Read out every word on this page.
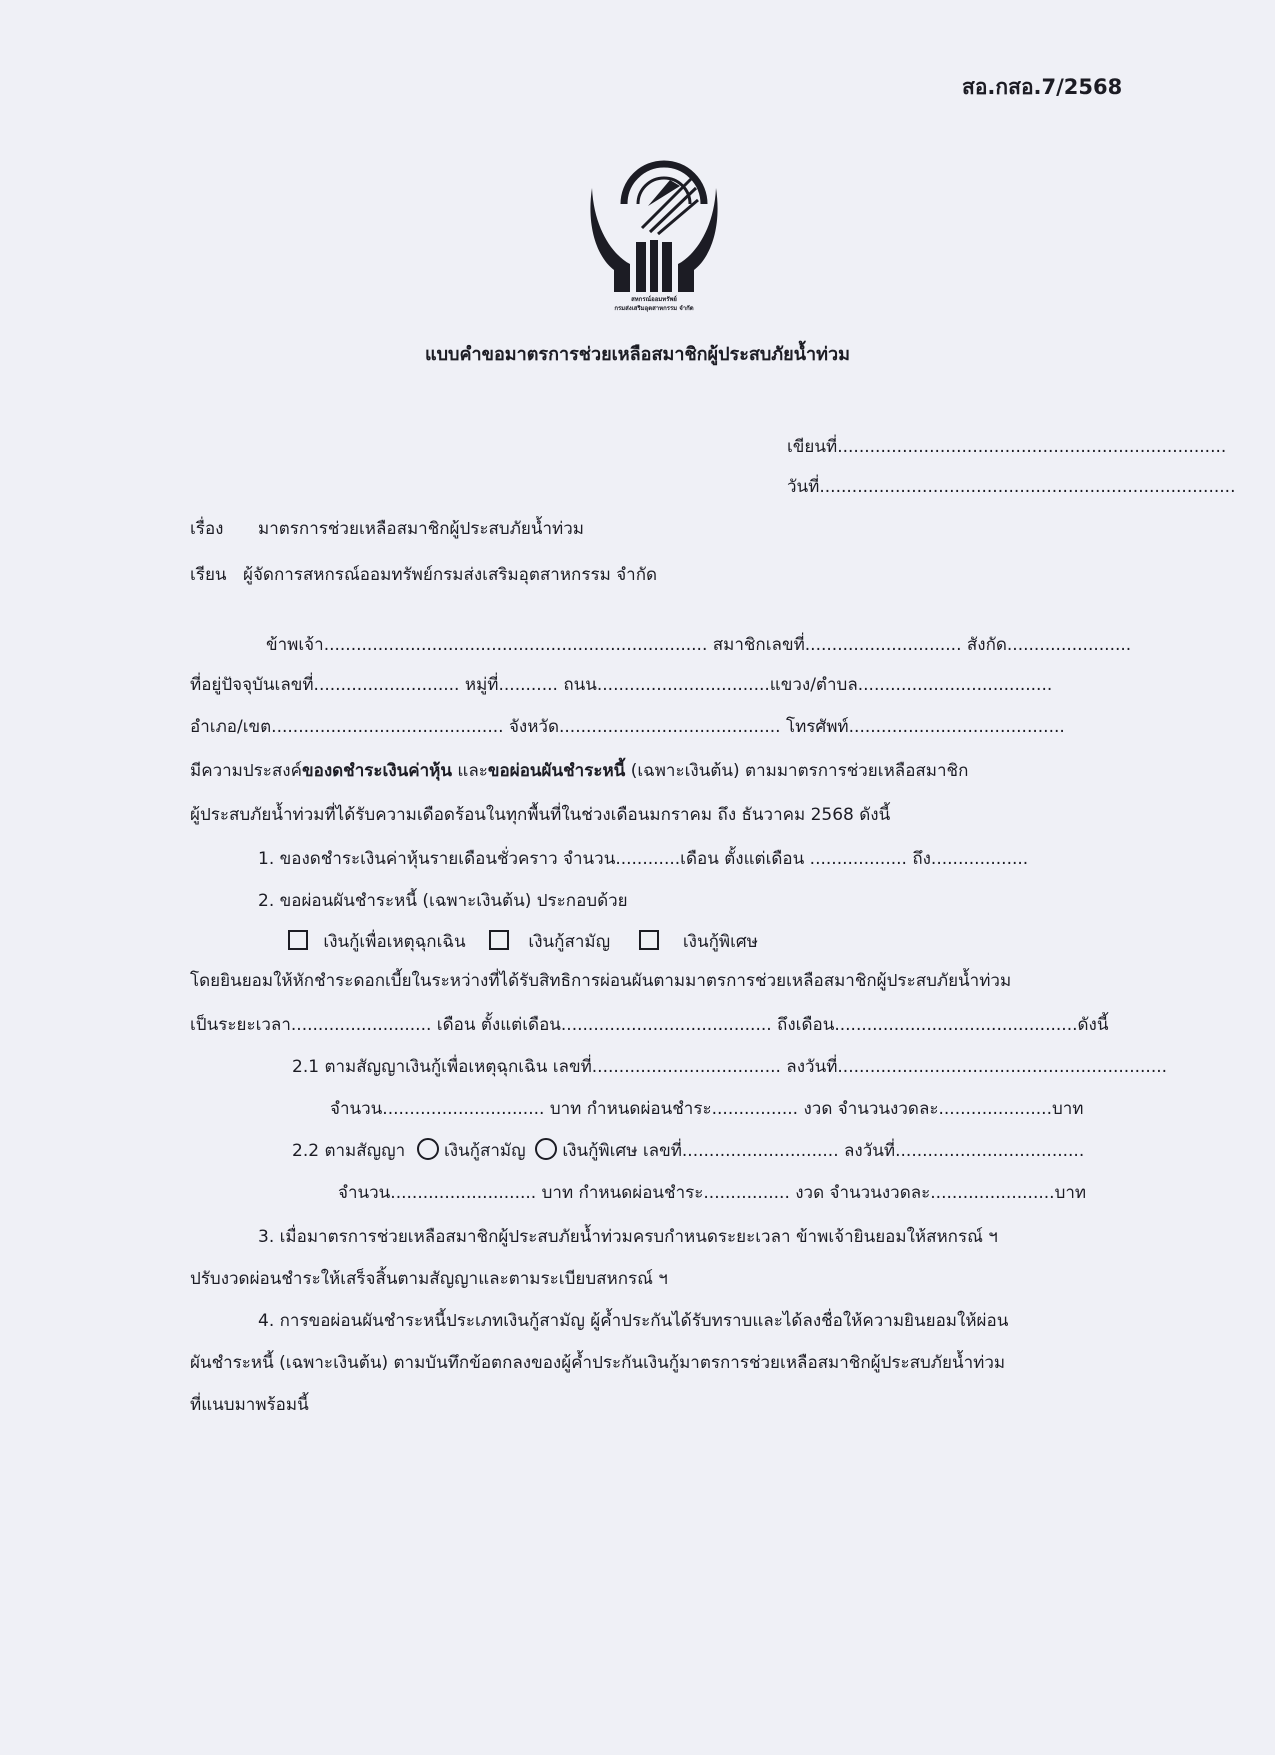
สอ.กสอ.7/2568
สหกรณ์ออมทรัพย์
กรมส่งเสริมอุตสาหกรรม จำกัด
แบบคำขอมาตรการช่วยเหลือสมาชิกผู้ประสบภัยน้ำท่วม
เขียนที่........................................................................
วันที่.............................................................................
เรื่อง มาตรการช่วยเหลือสมาชิกผู้ประสบภัยน้ำท่วม
เรียน ผู้จัดการสหกรณ์ออมทรัพย์กรมส่งเสริมอุตสาหกรรม จำกัด
ข้าพเจ้า....................................................................... สมาชิกเลขที่............................. สังกัด.......................
ที่อยู่ปัจจุบันเลขที่........................... หมู่ที่........... ถนน................................แขวง/ตำบล....................................
อำเภอ/เขต........................................... จังหวัด......................................... โทรศัพท์........................................
มีความประสงค์ของดชำระเงินค่าหุ้น และขอผ่อนผันชำระหนี้ (เฉพาะเงินต้น) ตามมาตรการช่วยเหลือสมาชิก
ผู้ประสบภัยน้ำท่วมที่ได้รับความเดือดร้อนในทุกพื้นที่ในช่วงเดือนมกราคม ถึง ธันวาคม 2568 ดังนี้
1. ของดชำระเงินค่าหุ้นรายเดือนชั่วคราว จำนวน............เดือน ตั้งแต่เดือน .................. ถึง..................
2. ขอผ่อนผันชำระหนี้ (เฉพาะเงินต้น) ประกอบด้วย
เงินกู้เพื่อเหตุฉุกเฉิน	เงินกู้สามัญ	เงินกู้พิเศษ
โดยยินยอมให้หักชำระดอกเบี้ยในระหว่างที่ได้รับสิทธิการผ่อนผันตามมาตรการช่วยเหลือสมาชิกผู้ประสบภัยน้ำท่วม
เป็นระยะเวลา.......................... เดือน ตั้งแต่เดือน....................................... ถึงเดือน.............................................ดังนี้
2.1 ตามสัญญาเงินกู้เพื่อเหตุฉุกเฉิน เลขที่................................... ลงวันที่.............................................................
จำนวน.............................. บาท กำหนดผ่อนชำระ................ งวด จำนวนงวดละ.....................บาท
2.2 ตามสัญญา เงินกู้สามัญ เงินกู้พิเศษ เลขที่............................. ลงวันที่...................................
จำนวน........................... บาท กำหนดผ่อนชำระ................ งวด จำนวนงวดละ.......................บาท
3. เมื่อมาตรการช่วยเหลือสมาชิกผู้ประสบภัยน้ำท่วมครบกำหนดระยะเวลา ข้าพเจ้ายินยอมให้สหกรณ์ ฯ
ปรับงวดผ่อนชำระให้เสร็จสิ้นตามสัญญาและตามระเบียบสหกรณ์ ฯ
4. การขอผ่อนผันชำระหนี้ประเภทเงินกู้สามัญ ผู้ค้ำประกันได้รับทราบและได้ลงชื่อให้ความยินยอมให้ผ่อน
ผันชำระหนี้ (เฉพาะเงินต้น) ตามบันทึกข้อตกลงของผู้ค้ำประกันเงินกู้มาตรการช่วยเหลือสมาชิกผู้ประสบภัยน้ำท่วม
ที่แนบมาพร้อมนี้
